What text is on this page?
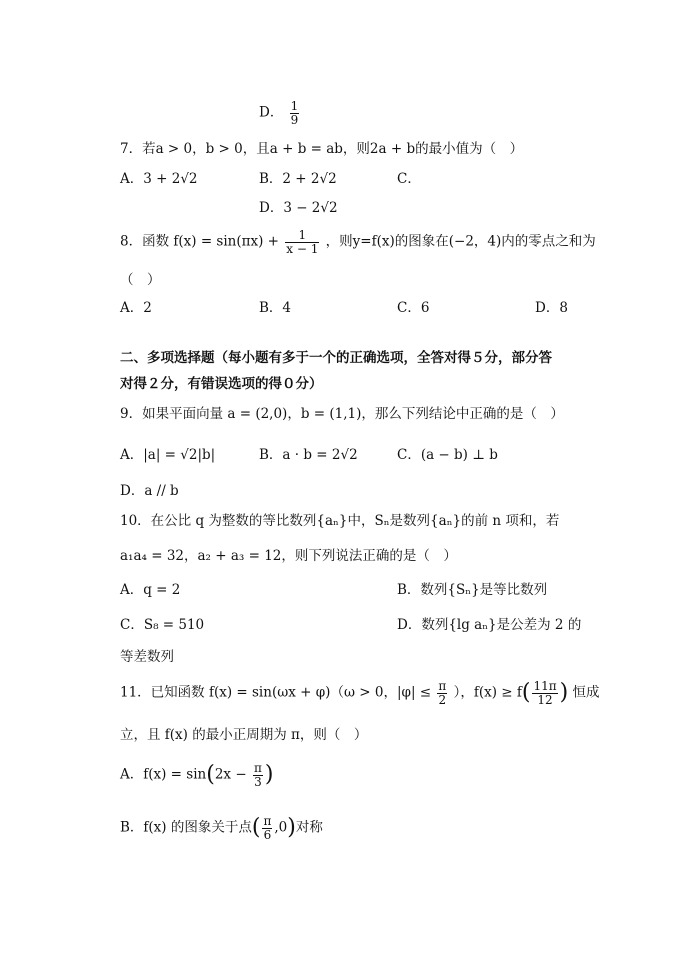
D． $\frac{1}{9}$
7．若a > 0，b > 0，且a + b = ab，则2a + b的最小值为（　）
A．3 + 2√2	B．2 + 2√2	C．
D．3 − 2√2
8．函数 $f(x) = \sin(\pi x) + \frac{1}{x - 1}$ ，则y=f(x)的图象在(−2，4)内的零点之和为
（　）
A．2	B．4	C．6	D．8
二、多项选择题（每小题有多于一个的正确选项，全答对得５分，部分答
对得２分，有错误选项的得０分）
9．如果平面向量 a = (2,0)，b = (1,1)，那么下列结论中正确的是（　）
A．|a| = √2|b|	B．a · b = 2√2	C．(a − b) ⊥ b
D．a // b
10．在公比 q 为整数的等比数列{aₙ}中，Sₙ是数列{aₙ}的前 n 项和，若
a₁a₄ = 32，a₂ + a₃ = 12，则下列说法正确的是（　）
A．q = 2	B．数列{Sₙ}是等比数列
C．S₈ = 510	D．数列{lg aₙ}是公差为 2 的
等差数列
11．已知函数 f(x) = sin(ωx + φ)（ω > 0，$|\varphi| \le \frac{\pi}{2}$ ），$f(x) \ge f( \frac{11\pi}{12}$ ) 恒成
立，且 f(x) 的最小正周期为 π，则（　）
A．$f(x) = \sin(2x - \frac{\pi}{3}$ )
B．f(x) 的图象关于点( $\frac{\pi}{6} ,0$)对称
